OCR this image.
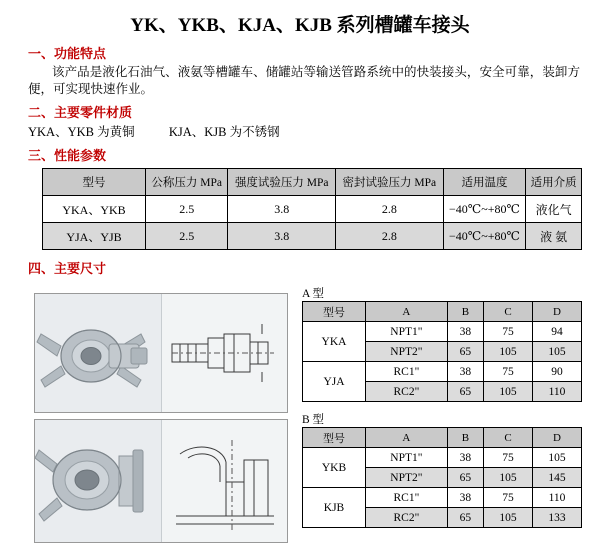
YK、YKB、KJA、KJB 系列槽罐车接头
一、功能特点
该产品是液化石油气、液氨等槽罐车、储罐站等输送管路系统中的快装接头，安全可靠，装卸方便，可实现快速作业。
二、主要零件材质
YKA、YKB 为黄铜	KJA、KJB 为不锈钢
三、性能参数
型号	公称压力 MPa	强度试验压力 MPa	密封试验压力 MPa	适用温度	适用介质
YKA、YKB	2.5	3.8	2.8	−40℃~+80℃	液化气
YJA、YJB	2.5	3.8	2.8	−40℃~+80℃	液 氨
四、主要尺寸
A 型
型号	A	B	C	D
YKA	NPT1"	38	75	94
	NPT2"	65	105	105
YJA	RC1"	38	75	90
	RC2"	65	105	110
B 型
型号	A	B	C	D
YKB	NPT1"	38	75	105
	NPT2"	65	105	145
KJB	RC1"	38	75	110
	RC2"	65	105	133
